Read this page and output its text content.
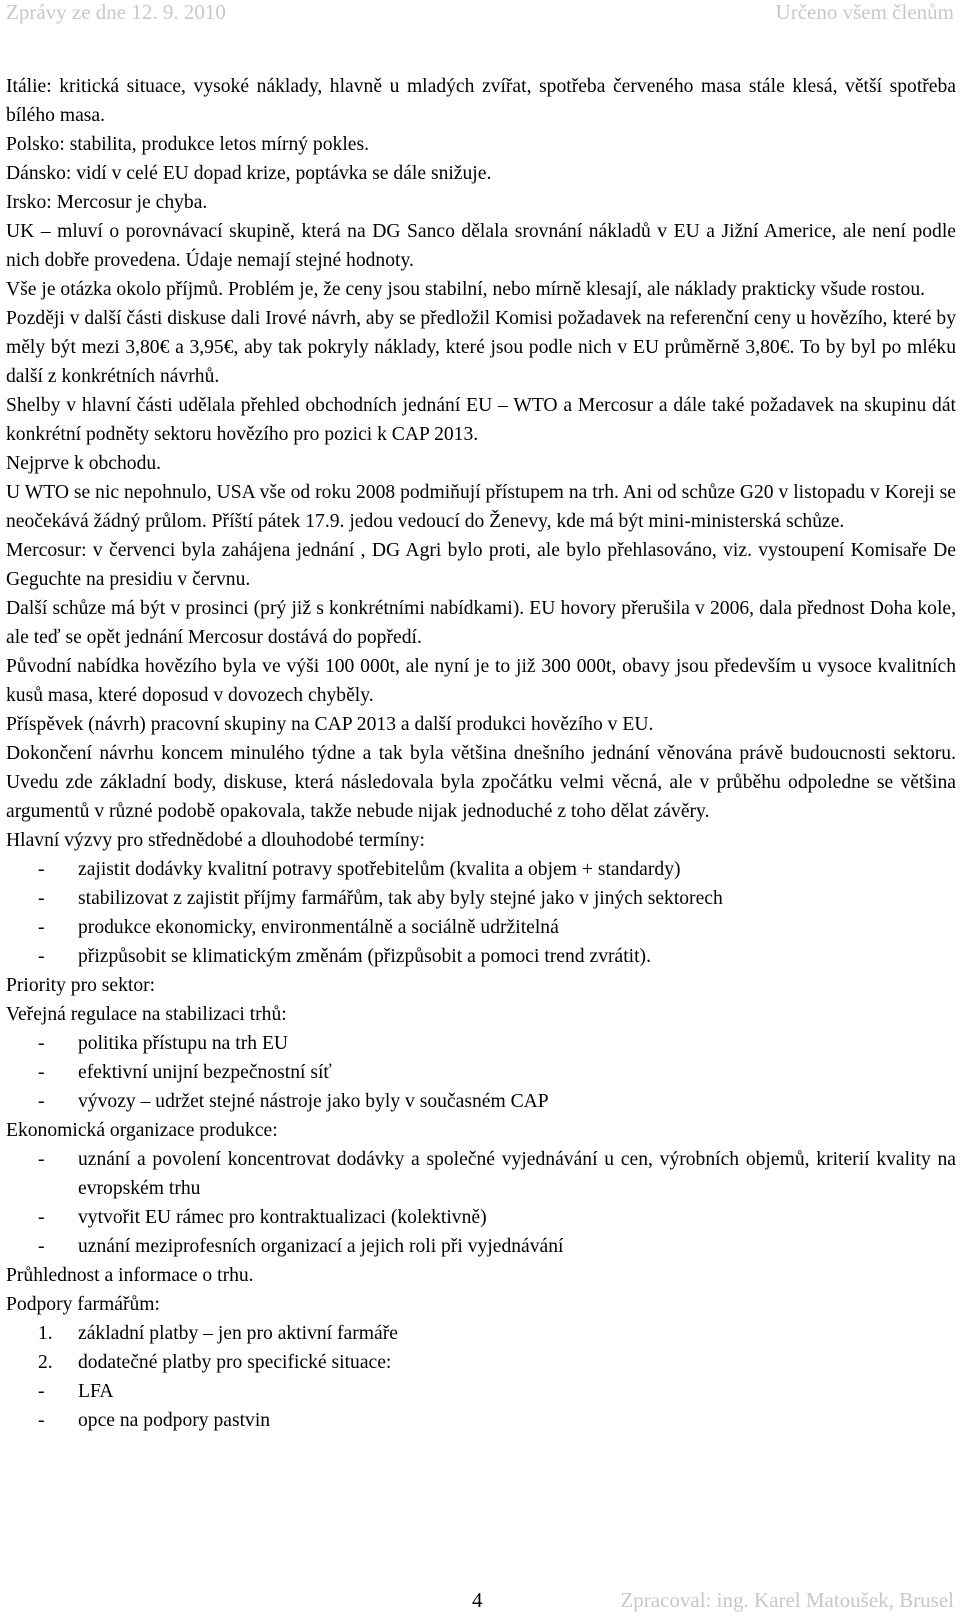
Zprávy ze dne 12. 9. 2010	Určeno všem členům

Itálie: kritická situace, vysoké náklady, hlavně u mladých zvířat, spotřeba červeného masa stále klesá, větší spotřeba bílého masa.

Polsko: stabilita, produkce letos mírný pokles.

Dánsko: vidí v celé EU dopad krize, poptávka se dále snižuje.

Irsko: Mercosur je chyba.

UK – mluví o porovnávací skupině, která na DG Sanco dělala srovnání nákladů v EU a Jižní Americe, ale není podle nich dobře provedena. Údaje nemají stejné hodnoty.

Vše je otázka okolo příjmů. Problém je, že ceny jsou stabilní, nebo mírně klesají, ale náklady prakticky všude rostou.

Později v další části diskuse dali Irové návrh, aby se předložil Komisi požadavek na referenční ceny u hovězího, které by měly být mezi 3,80€ a 3,95€, aby tak pokryly náklady, které jsou podle nich v EU průměrně 3,80€. To by byl po mléku další z konkrétních návrhů.

Shelby v hlavní části udělala přehled obchodních jednání EU – WTO a Mercosur a dále také požadavek na skupinu dát konkrétní podněty sektoru hovězího pro pozici k CAP 2013.

Nejprve k obchodu.

U WTO se nic nepohnulo, USA vše od roku 2008 podmiňují přístupem na trh. Ani od schůze G20 v listopadu v Koreji se neočekává žádný průlom. Příští pátek 17.9. jedou vedoucí do Ženevy, kde má být mini-ministerská schůze.

Mercosur: v červenci byla zahájena jednání , DG Agri bylo proti, ale bylo přehlasováno, viz. vystoupení Komisaře De Geguchte na presidiu v červnu.

Další schůze má být v prosinci (prý již s konkrétními nabídkami). EU hovory přerušila v 2006, dala přednost Doha kole, ale teď se opět jednání Mercosur dostává do popředí.

Původní nabídka hovězího byla ve výši 100 000t, ale nyní je to již 300 000t, obavy jsou především u vysoce kvalitních kusů masa, které doposud v dovozech chyběly.

Příspěvek (návrh) pracovní skupiny na CAP 2013 a další produkci hovězího v EU.

Dokončení návrhu koncem minulého týdne a tak byla většina dnešního jednání věnována právě budoucnosti sektoru. Uvedu zde základní body, diskuse, která následovala byla zpočátku velmi věcná, ale v průběhu odpoledne se většina argumentů v různé podobě opakovala, takže nebude nijak jednoduché z toho dělat závěry.

Hlavní výzvy pro střednědobé a dlouhodobé termíny:

- zajistit dodávky kvalitní potravy spotřebitelům (kvalita a objem + standardy)
- stabilizovat z zajistit příjmy farmářům, tak aby byly stejné jako v jiných sektorech
- produkce ekonomicky, environmentálně a sociálně udržitelná
- přizpůsobit se klimatickým změnám (přizpůsobit a pomoci trend zvrátit).

Priority pro sektor:

Veřejná regulace na stabilizaci trhů:

- politika přístupu na trh EU
- efektivní unijní bezpečnostní síť
- vývozy – udržet stejné nástroje jako byly v současném CAP

Ekonomická organizace produkce:

- uznání a povolení koncentrovat dodávky a společné vyjednávání u cen, výrobních objemů, kriterií kvality na evropském trhu
- vytvořit EU rámec pro kontraktualizaci (kolektivně)
- uznání meziprofesních organizací a jejich roli při vyjednávání

Průhlednost a informace o trhu.

Podpory farmářům:

1. základní platby – jen pro aktivní farmáře
2. dodatečné platby pro specifické situace:
- LFA
- opce na podpory pastvin
4	Zpracoval: ing. Karel Matoušek, Brusel
